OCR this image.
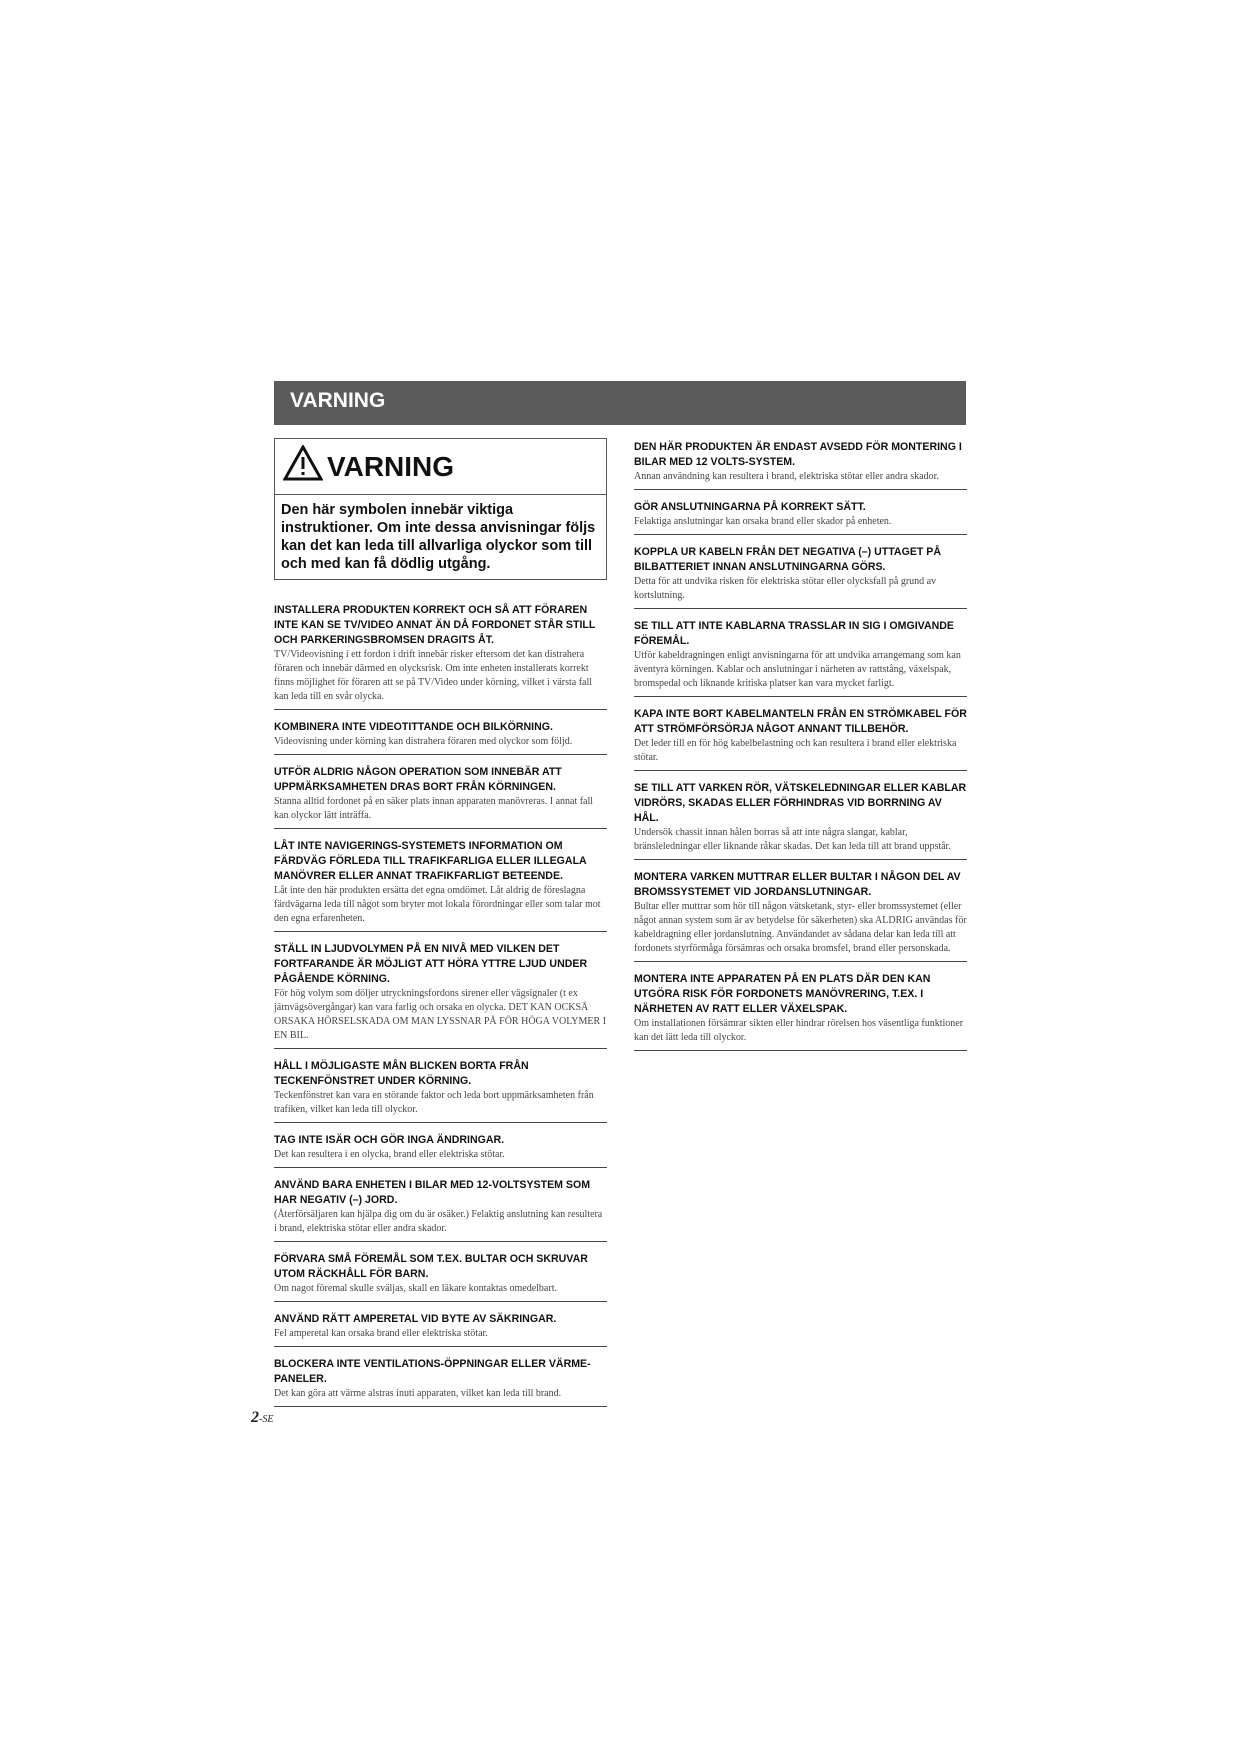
VARNING
VARNING
Den här symbolen innebär viktiga instruktioner. Om inte dessa anvisningar följs kan det kan leda till allvarliga olyckor som till och med kan få dödlig utgång.
INSTALLERA PRODUKTEN KORREKT OCH SÅ ATT FÖRAREN INTE KAN SE TV/VIDEO ANNAT ÄN DÅ FORDONET STÅR STILL OCH PARKERINGSBROMSEN DRAGITS ÅT.
TV/Videovisning i ett fordon i drift innebär risker eftersom det kan distrahera föraren och innebär därmed en olycksrisk. Om inte enheten installerats korrekt finns möjlighet för föraren att se på TV/Video under körning, vilket i värsta fall kan leda till en svår olycka.
KOMBINERA INTE VIDEOTITTANDE OCH BILKÖRNING.
Videovisning under körning kan distrahera föraren med olyckor som följd.
UTFÖR ALDRIG NÅGON OPERATION SOM INNEBÄR ATT UPPMÄRKSAMHETEN DRAS BORT FRÅN KÖRNINGEN.
Stanna alltid fordonet på en säker plats innan apparaten manövreras. I annat fall kan olyckor lätt inträffa.
LÅT INTE NAVIGERINGS-SYSTEMETS INFORMATION OM FÄRDVÄG FÖRLEDA TILL TRAFIKFARLIGA ELLER ILLEGALA MANÖVRER ELLER ANNAT TRAFIKFARLIGT BETEENDE.
Låt inte den här produkten ersätta det egna omdömet. Låt aldrig de föreslagna färdvägarna leda till något som bryter mot lokala förordningar eller som talar mot den egna erfarenheten.
STÄLL IN LJUDVOLYMEN PÅ EN NIVÅ MED VILKEN DET FORTFARANDE ÄR MÖJLIGT ATT HÖRA YTTRE LJUD UNDER PÅGÅENDE KÖRNING.
För hög volym som döljer utryckningsfordons sirener eller vägsignaler (t ex järnvägsövergångar) kan vara farlig och orsaka en olycka. DET KAN OCKSÅ ORSAKA HÖRSELSKADA OM MAN LYSSNAR PÅ FÖR HÖGA VOLYMER I EN BIL.
HÅLL I MÖJLIGASTE MÅN BLICKEN BORTA FRÅN TECKENFÖNSTRET UNDER KÖRNING.
Teckenfönstret kan vara en störande faktor och leda bort uppmärksamheten från trafiken, vilket kan leda till olyckor.
TAG INTE ISÄR OCH GÖR INGA ÄNDRINGAR.
Det kan resultera i en olycka, brand eller elektriska stötar.
ANVÄND BARA ENHETEN I BILAR MED 12-VOLTSYSTEM SOM HAR NEGATIV (–) JORD.
(Återförsäljaren kan hjälpa dig om du är osäker.) Felaktig anslutning kan resultera i brand, elektriska stötar eller andra skador.
FÖRVARA SMÅ FÖREMÅL SOM T.EX. BULTAR OCH SKRUVAR UTOM RÄCKHÅLL FÖR BARN.
Om nagot föremal skulle sväljas, skall en läkare kontaktas omedelbart.
ANVÄND RÄTT AMPERETAL VID BYTE AV SÄKRINGAR.
Fel amperetal kan orsaka brand eller elektriska stötar.
BLOCKERA INTE VENTILATIONS-ÖPPNINGAR ELLER VÄRME-PANELER.
Det kan göra att värme alstras inuti apparaten, vilket kan leda till brand.
DEN HÄR PRODUKTEN ÄR ENDAST AVSEDD FÖR MONTERING I BILAR MED 12 VOLTS-SYSTEM.
Annan användning kan resultera i brand, elektriska stötar eller andra skador.
GÖR ANSLUTNINGARNA PÅ KORREKT SÄTT.
Felaktiga anslutningar kan orsaka brand eller skador på enheten.
KOPPLA UR KABELN FRÅN DET NEGATIVA (–) UTTAGET PÅ BILBATTERIET INNAN ANSLUTNINGARNA GÖRS.
Detta för att undvika risken för elektriska stötar eller olycksfall på grund av kortslutning.
SE TILL ATT INTE KABLARNA TRASSLAR IN SIG I OMGIVANDE FÖREMÅL.
Utför kabeldragningen enligt anvisningarna för att undvika arrangemang som kan äventyra körningen. Kablar och anslutningar i närheten av rattstång, växelspak, bromspedal och liknande kritiska platser kan vara mycket farligt.
KAPA INTE BORT KABELMANTELN FRÅN EN STRÖMKABEL FÖR ATT STRÖMFÖRSÖRJA NÅGOT ANNANT TILLBEHÖR.
Det leder till en för hög kabelbelastning och kan resultera i brand eller elektriska stötar.
SE TILL ATT VARKEN RÖR, VÄTSKELEDNINGAR ELLER KABLAR VIDRÖRS, SKADAS ELLER FÖRHINDRAS VID BORRNING AV HÅL.
Undersök chassit innan hålen borras så att inte några slangar, kablar, bränsleledningar eller liknande råkar skadas. Det kan leda till att brand uppstår.
MONTERA VARKEN MUTTRAR ELLER BULTAR I NÅGON DEL AV BROMSSYSTEMET VID JORDANSLUTNINGAR.
Bultar eller muttrar som hör till någon vätsketank, styr- eller bromssystemet (eller något annan system som är av betydelse för säkerheten) ska ALDRIG användas för kabeldragning eller jordanslutning. Användandet av sådana delar kan leda till att fordonets styrförmåga försämras och orsaka bromsfel, brand eller personskada.
MONTERA INTE APPARATEN PÅ EN PLATS DÄR DEN KAN UTGÖRA RISK FÖR FORDONETS MANÖVRERING, T.EX. I NÄRHETEN AV RATT ELLER VÄXELSPAK.
Om installationen försämrar sikten eller hindrar rörelsen hos väsentliga funktioner kan det lätt leda till olyckor.
2-SE
